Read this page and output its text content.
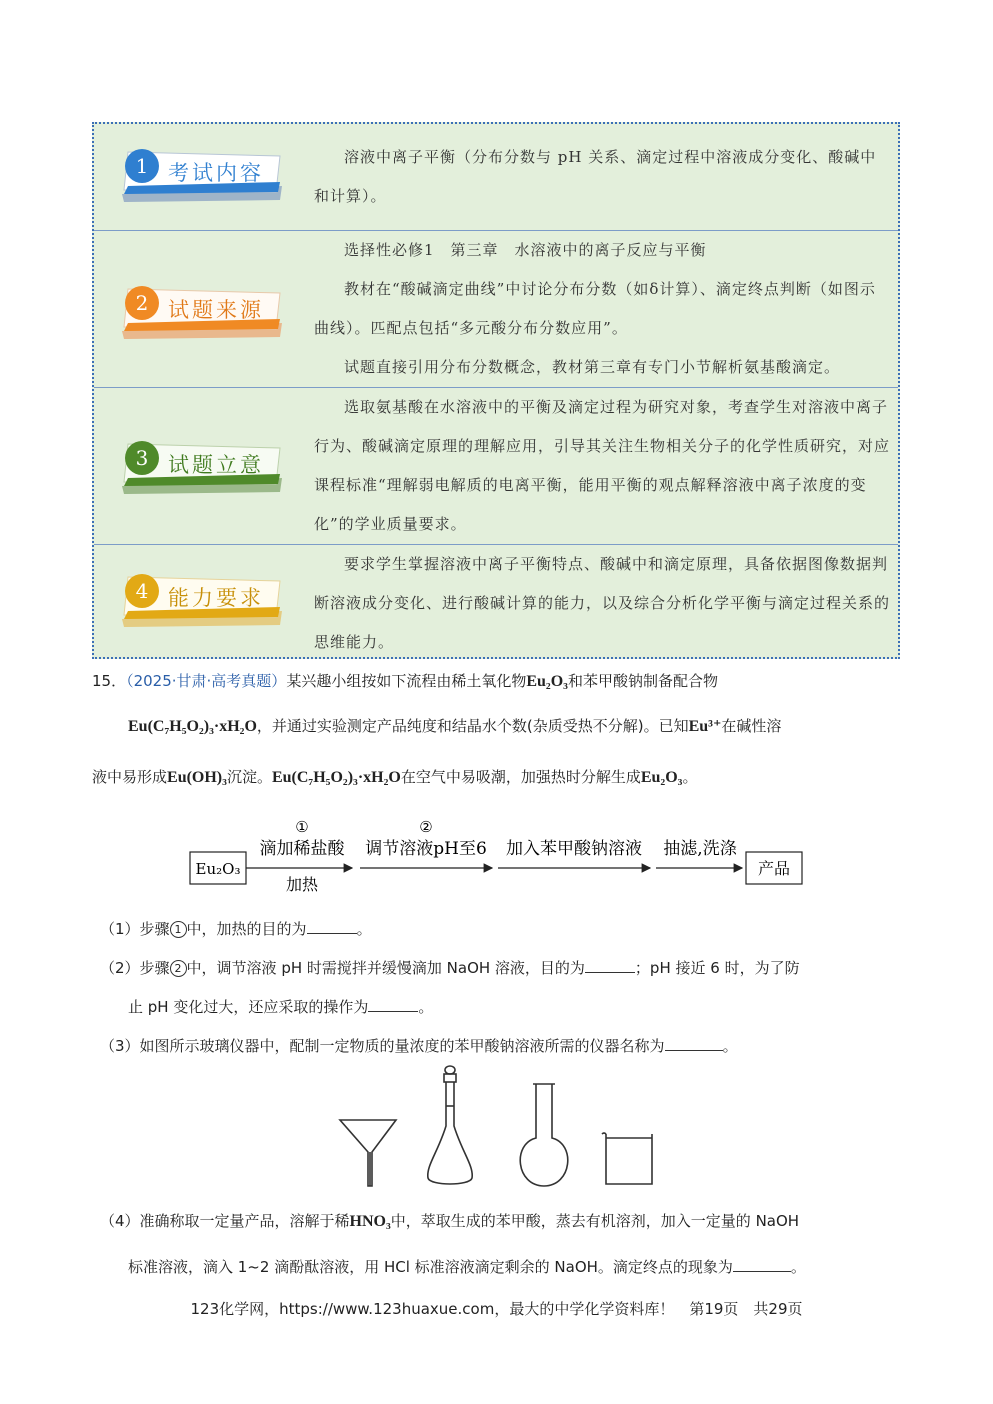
1 考试内容

溶液中离子平衡（分布分数与 pH 关系、滴定过程中溶液成分变化、酸碱中和计算）。

2 试题来源

选择性必修1　第三章　水溶液中的离子反应与平衡

教材在“酸碱滴定曲线”中讨论分布分数（如δ计算）、滴定终点判断（如图示曲线）。匹配点包括“多元酸分布分数应用”。

试题直接引用分布分数概念，教材第三章有专门小节解析氨基酸滴定。

3 试题立意

选取氨基酸在水溶液中的平衡及滴定过程为研究对象，考查学生对溶液中离子行为、酸碱滴定原理的理解应用，引导其关注生物相关分子的化学性质研究，对应课程标准“理解弱电解质的电离平衡，能用平衡的观点解释溶液中离子浓度的变化”的学业质量要求。

4 能力要求

要求学生掌握溶液中离子平衡特点、酸碱中和滴定原理，具备依据图像数据判断溶液成分变化、进行酸碱计算的能力，以及综合分析化学平衡与滴定过程关系的思维能力。

15．（2025·甘肃·高考真题）某兴趣小组按如下流程由稀土氧化物Eu₂O₃和苯甲酸钠制备配合物
Eu(C₇H₅O₂)₃·xH₂O，并通过实验测定产品纯度和结晶水个数(杂质受热不分解)。已知Eu³⁺在碱性溶
液中易形成Eu(OH)₃沉淀。Eu(C₇H₅O₂)₃·xH₂O在空气中易吸潮，加强热时分解生成Eu₂O₃。
Eu₂O₃
①
滴加稀盐酸
加热
②
调节溶液pH至6 加入苯甲酸钠溶液 抽滤,洗涤
产品
（1）步骤 1 中，加热的目的为	。
（2）步骤 2 中，调节溶液 pH 时需搅拌并缓慢滴加 NaOH 溶液，目的为	；pH 接近 6 时，为了防
止 pH 变化过大，还应采取的操作为	。
（3）如图所示玻璃仪器中，配制一定物质的量浓度的苯甲酸钠溶液所需的仪器名称为	。
（4）准确称取一定量产品，溶解于稀HNO₃中，萃取生成的苯甲酸，蒸去有机溶剂，加入一定量的 NaOH
标准溶液，滴入 1~2 滴酚酞溶液，用 HCl 标准溶液滴定剩余的 NaOH。滴定终点的现象为	。
123化学网，https://www.123huaxue.com，最大的中学化学资料库！　第19页　共29页
